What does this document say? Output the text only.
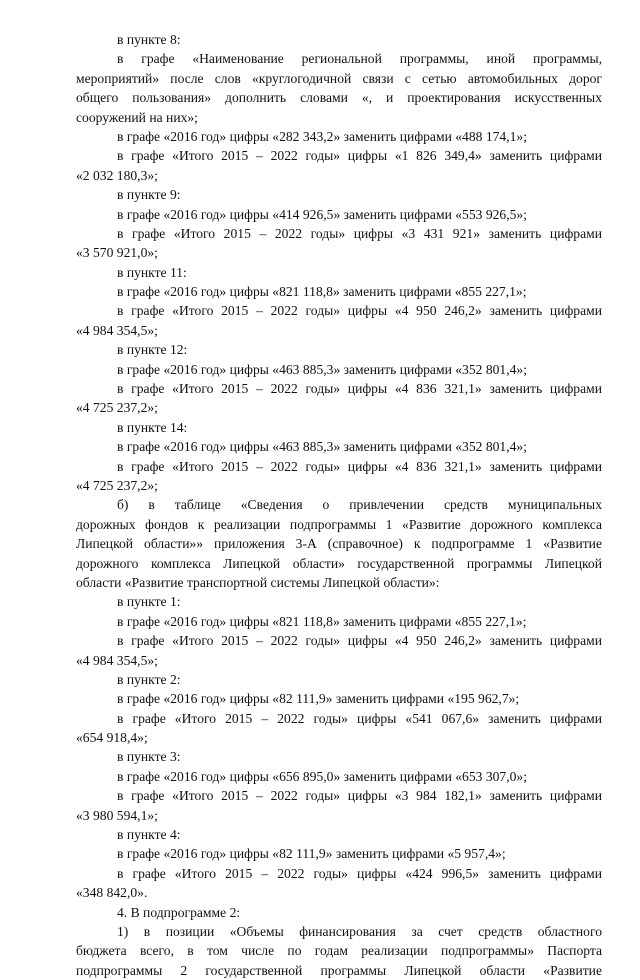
в пункте 8:
в графе «Наименование региональной программы, иной программы,
мероприятий» после слов «круглогодичной связи с сетью автомобильных дорог
общего пользования» дополнить словами «, и проектирования искусственных
сооружений на них»;
в графе «2016 год» цифры «282 343,2» заменить цифрами «488 174,1»;
в графе «Итого 2015 – 2022 годы» цифры «1 826 349,4» заменить цифрами
«2 032 180,3»;
в пункте 9:
в графе «2016 год» цифры «414 926,5» заменить цифрами «553 926,5»;
в графе «Итого 2015 – 2022 годы» цифры «3 431 921» заменить цифрами
«3 570 921,0»;
в пункте 11:
в графе «2016 год» цифры «821 118,8» заменить цифрами «855 227,1»;
в графе «Итого 2015 – 2022 годы» цифры «4 950 246,2» заменить цифрами
«4 984 354,5»;
в пункте 12:
в графе «2016 год» цифры «463 885,3» заменить цифрами «352 801,4»;
в графе «Итого 2015 – 2022 годы» цифры «4 836 321,1» заменить цифрами
«4 725 237,2»;
в пункте 14:
в графе «2016 год» цифры «463 885,3» заменить цифрами «352 801,4»;
в графе «Итого 2015 – 2022 годы» цифры «4 836 321,1» заменить цифрами
«4 725 237,2»;
б) в таблице «Сведения о привлечении средств муниципальных
дорожных фондов к реализации подпрограммы 1 «Развитие дорожного комплекса
Липецкой области»» приложения 3-А (справочное) к подпрограмме 1 «Развитие
дорожного комплекса Липецкой области» государственной программы Липецкой
области «Развитие транспортной системы Липецкой области»:
в пункте 1:
в графе «2016 год» цифры «821 118,8» заменить цифрами «855 227,1»;
в графе «Итого 2015 – 2022 годы» цифры «4 950 246,2» заменить цифрами
«4 984 354,5»;
в пункте 2:
в графе «2016 год» цифры «82 111,9» заменить цифрами «195 962,7»;
в графе «Итого 2015 – 2022 годы» цифры «541 067,6» заменить цифрами
«654 918,4»;
в пункте 3:
в графе «2016 год» цифры «656 895,0» заменить цифрами «653 307,0»;
в графе «Итого 2015 – 2022 годы» цифры «3 984 182,1» заменить цифрами
«3 980 594,1»;
в пункте 4:
в графе «2016 год» цифры «82 111,9» заменить цифрами «5 957,4»;
в графе «Итого 2015 – 2022 годы» цифры «424 996,5» заменить цифрами
«348 842,0».
4. В подпрограмме 2:
1) в позиции «Объемы финансирования за счет средств областного
бюджета всего, в том числе по годам реализации подпрограммы» Паспорта
подпрограммы 2 государственной программы Липецкой области «Развитие
